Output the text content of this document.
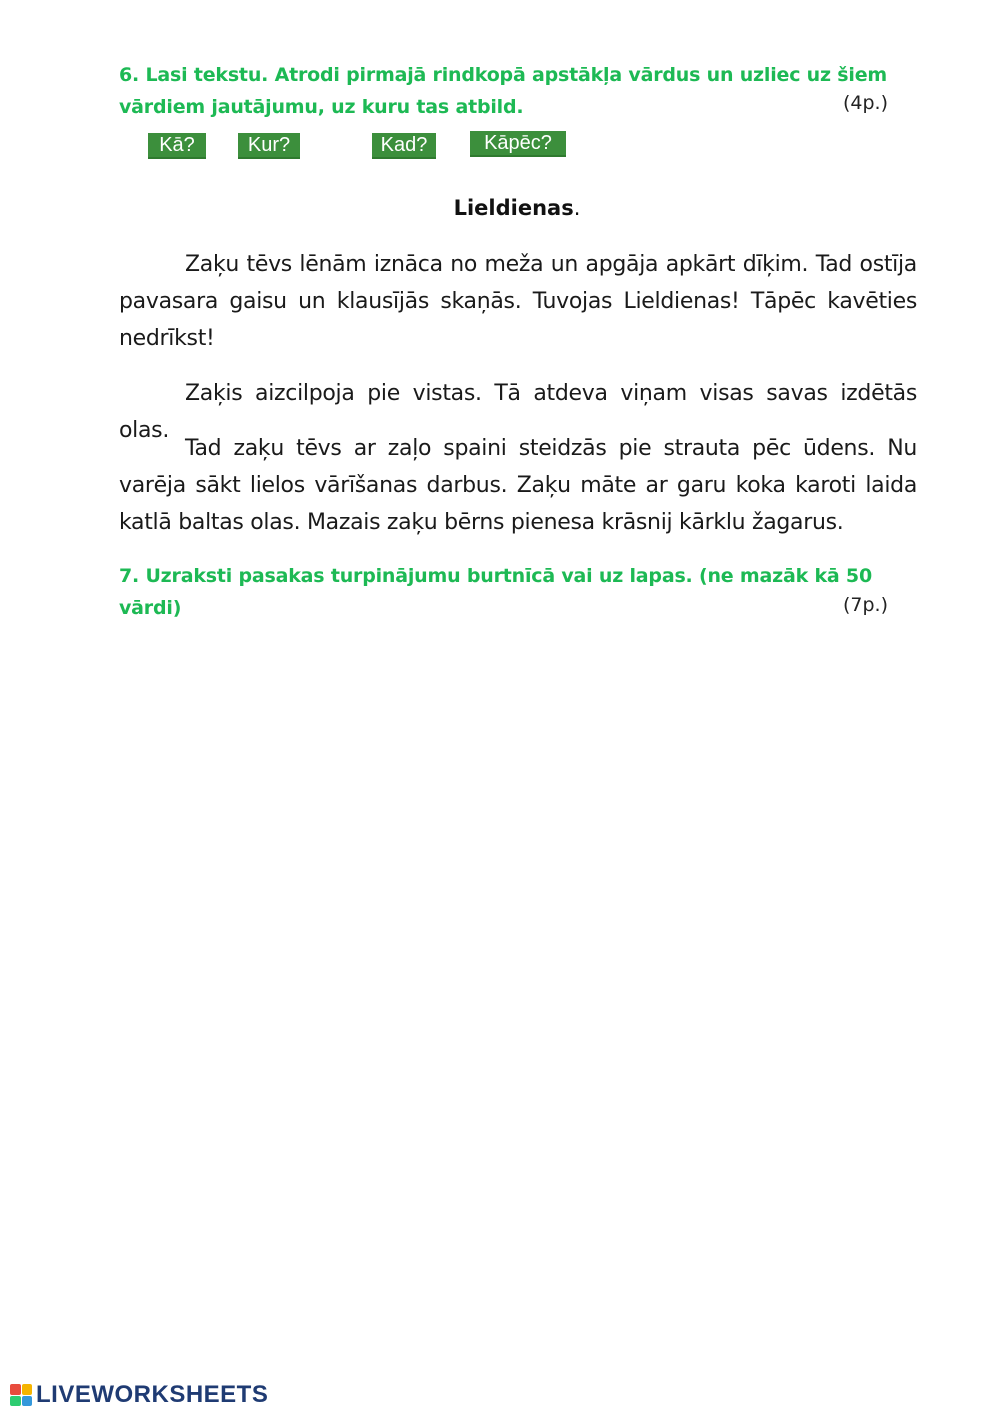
6. Lasi tekstu. Atrodi pirmajā rindkopā apstākļa vārdus un uzliec uz šiem vārdiem jautājumu, uz kuru tas atbild.	(4p.)
Kā?	Kur?	Kad?	Kāpēc?
Lieldienas.

Zaķu tēvs lēnām iznāca no meža un apgāja apkārt dīķim. Tad ostīja pavasara gaisu un klausījās skaņās. Tuvojas Lieldienas! Tāpēc kavēties nedrīkst!

Zaķis aizcilpoja pie vistas. Tā atdeva viņam visas savas izdētās olas.

Tad zaķu tēvs ar zaļo spaini steidzās pie strauta pēc ūdens. Nu varēja sākt lielos vārīšanas darbus. Zaķu māte ar garu koka karoti laida katlā baltas olas. Mazais zaķu bērns pienesa krāsnij kārklu žagarus.

7. Uzraksti pasakas turpinājumu burtnīcā vai uz lapas. (ne mazāk kā 50 vārdi)	(7p.)
LIVEWORKSHEETS
